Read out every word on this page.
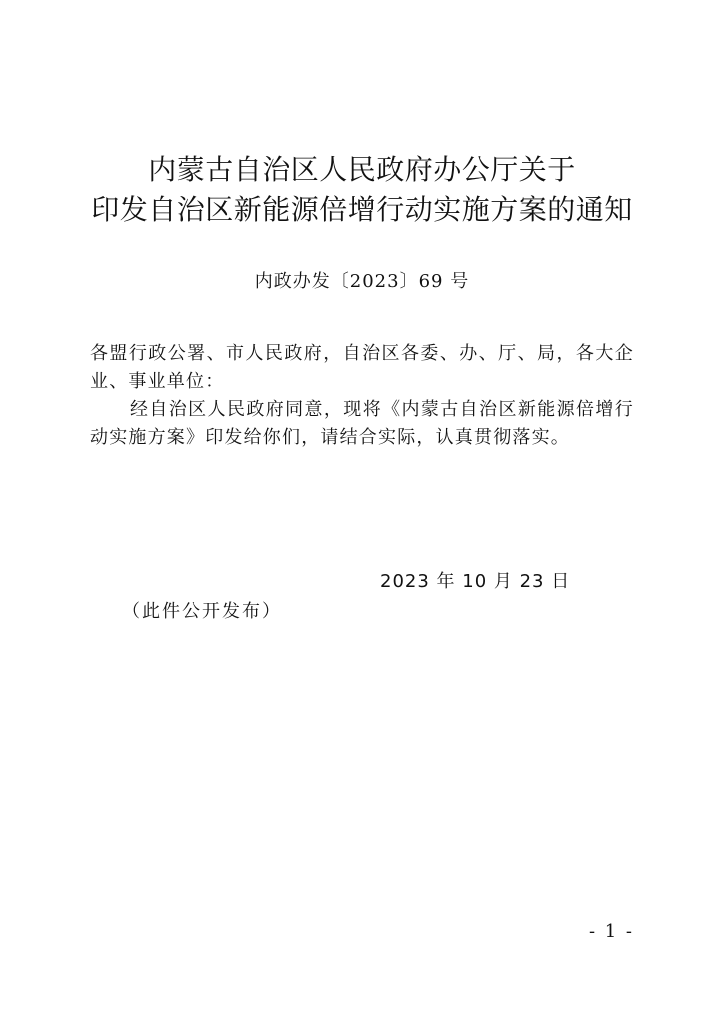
内蒙古自治区人民政府办公厅关于
印发自治区新能源倍增行动实施方案的通知
内政办发〔2023〕69 号
各盟行政公署、市人民政府，自治区各委、办、厅、局，各大企
业、事业单位：
经自治区人民政府同意，现将《内蒙古自治区新能源倍增行
动实施方案》印发给你们，请结合实际，认真贯彻落实。
2023 年 10 月 23 日
（此件公开发布）
- 1 -
